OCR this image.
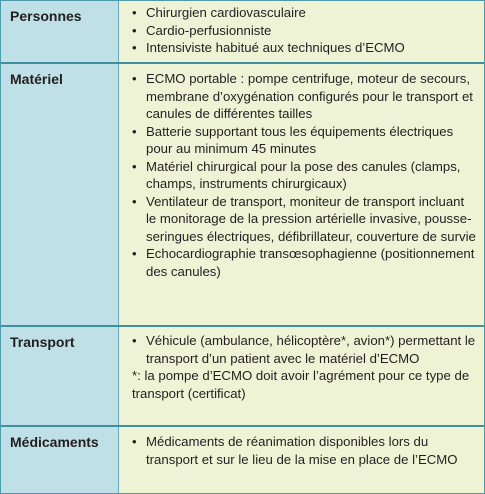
Personnes	• Chirurgien cardiovasculaire
• Cardio-perfusionniste
• Intensiviste habitué aux techniques d’ECMO
Matériel	• ECMO portable : pompe centrifuge, moteur de secours, membrane d’oxygénation configurés pour le transport et canules de différentes tailles
• Batterie supportant tous les équipements électriques pour au minimum 45 minutes
• Matériel chirurgical pour la pose des canules (clamps, champs, instruments chirurgicaux)
• Ventilateur de transport, moniteur de transport incluant le monitorage de la pression artérielle invasive, pousse-seringues électriques, défibrillateur, couverture de survie
• Echocardiographie transœsophagienne (positionnement des canules)
Transport	• Véhicule (ambulance, hélicoptère*, avion*) permettant le transport d’un patient avec le matériel d’ECMO
*: la pompe d’ECMO doit avoir l’agrément pour ce type de transport (certificat)
Médicaments	• Médicaments de réanimation disponibles lors du transport et sur le lieu de la mise en place de l’ECMO
